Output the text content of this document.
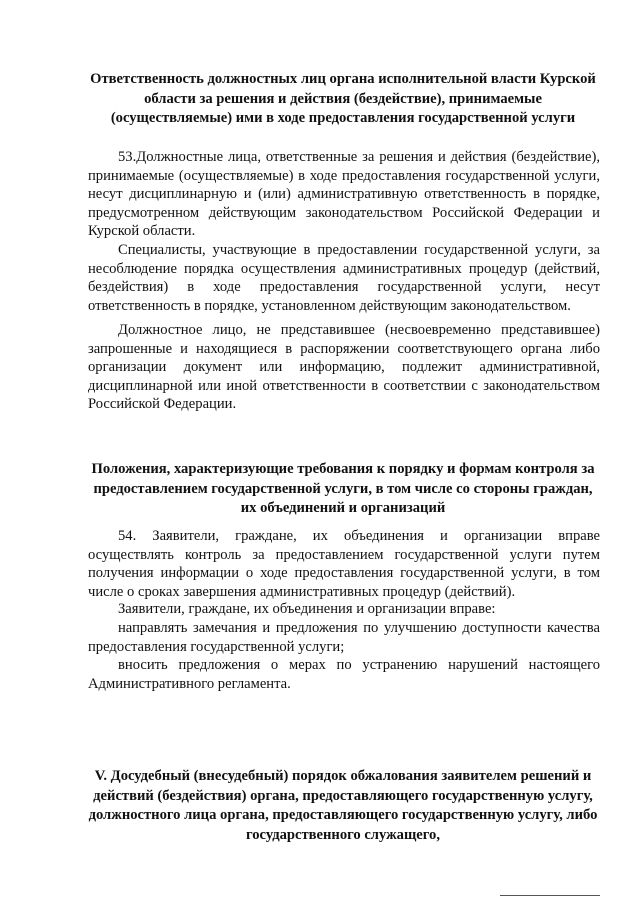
Ответственность должностных лиц органа исполнительной власти Курской области за решения и действия (бездействие), принимаемые (осуществляемые) ими в ходе предоставления государственной услуги
53.Должностные лица, ответственные за решения и действия (бездействие), принимаемые (осуществляемые) в ходе предоставления государственной услуги, несут дисциплинарную и (или) административную ответственность в порядке, предусмотренном действующим законодательством Российской Федерации и Курской области.
Специалисты, участвующие в предоставлении государственной услуги, за несоблюдение порядка осуществления административных процедур (действий, бездействия) в ходе предоставления государственной услуги, несут ответственность в порядке, установленном действующим законодательством.
Должностное лицо, не представившее (несвоевременно представившее) запрошенные и находящиеся в распоряжении соответствующего органа либо организации документ или информацию, подлежит административной, дисциплинарной или иной ответственности в соответствии с законодательством Российской Федерации.
Положения, характеризующие требования к порядку и формам контроля за предоставлением государственной услуги, в том числе со стороны граждан, их объединений и организаций
54. Заявители, граждане, их объединения и организации вправе осуществлять контроль за предоставлением государственной услуги путем получения информации о ходе предоставления государственной услуги, в том числе о сроках завершения административных процедур (действий).
Заявители, граждане, их объединения и организации вправе:
направлять замечания и предложения по улучшению доступности качества предоставления государственной услуги;
вносить предложения о мерах по устранению нарушений настоящего Административного регламента.
V. Досудебный (внесудебный) порядок обжалования заявителем решений и действий (бездействия) органа, предоставляющего государственную услугу, должностного лица органа, предоставляющего государственную услугу, либо государственного служащего,
